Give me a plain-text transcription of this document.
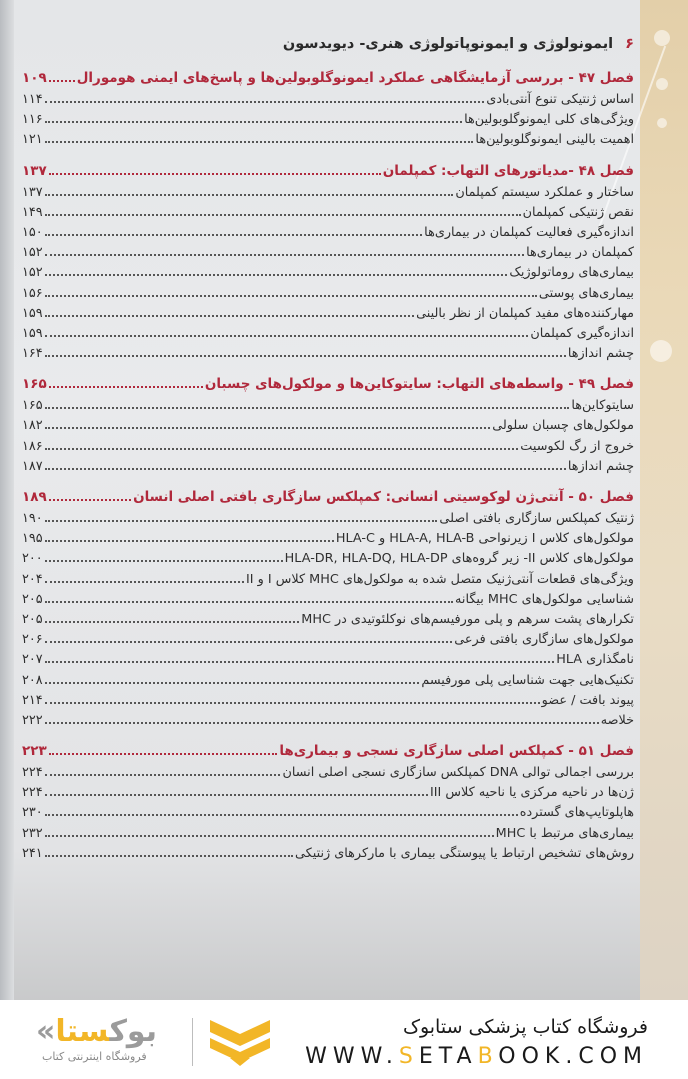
۶ایمونولوژی و ایمونوپاتولوژی هنری- دیویدسون
فصل ۴۷ - بررسی آزمایشگاهی عملکرد ایمونوگلوبولین‌ها و پاسخ‌های ایمنی هومورال
۱۰۹
اساس ژنتیکی تنوع آنتی‌بادی
۱۱۴
ویژگی‌های کلی ایمونوگلوبولین‌ها
۱۱۶
اهمیت بالینی ایمونوگلوبولین‌ها
۱۲۱
فصل ۴۸ -مدیاتورهای التهاب: کمپلمان
۱۳۷
ساختار و عملکرد سیستم کمپلمان
۱۳۷
نقص ژنتیکی کمپلمان
۱۴۹
اندازه‌گیری فعالیت کمپلمان در بیماری‌ها
۱۵۰
کمپلمان در بیماری‌ها
۱۵۲
بیماری‌های روماتولوژیک
۱۵۲
بیماری‌های پوستی
۱۵۶
مهارکننده‌های مفید کمپلمان از نظر بالینی
۱۵۹
اندازه‌گیری کمپلمان
۱۵۹
چشم اندازها
۱۶۴
فصل ۴۹ - واسطه‌های التهاب: سایتوکاین‌ها و مولکول‌های چسبان
۱۶۵
سایتوکاین‌ها
۱۶۵
مولکول‌های چسبان سلولی
۱۸۲
خروج از رگ لکوسیت
۱۸۶
چشم اندازها
۱۸۷
فصل ۵۰ - آنتی‌ژن لوکوسیتی انسانی: کمپلکس سازگاری بافتی اصلی انسان
۱۸۹
ژنتیک کمپلکس سازگاری بافتی اصلی
۱۹۰
مولکول‌های کلاس I زیرنواحی HLA-A, HLA-B و HLA-C
۱۹۵
مولکول‌های کلاس II- زیر گروه‌های HLA-DR, HLA-DQ, HLA-DP
۲۰۰
ویژگی‌های قطعات آنتی‌ژنیک متصل شده به مولکول‌های MHC کلاس I و II
۲۰۴
شناسایی مولکول‌های MHC بیگانه
۲۰۵
تکرارهای پشت سرهم و پلی مورفیسم‌های نوکلئوتیدی در MHC
۲۰۵
مولکول‌های سازگاری بافتی فرعی
۲۰۶
نامگذاری HLA
۲۰۷
تکنیک‌هایی جهت شناسایی پلی مورفیسم
۲۰۸
پیوند بافت / عضو
۲۱۴
خلاصه
۲۲۲
فصل ۵۱ - کمپلکس اصلی سازگاری نسجی و بیماری‌ها
۲۲۳
بررسی اجمالی توالی DNA کمپلکس سازگاری نسجی اصلی انسان
۲۲۴
ژن‌ها در ناحیه مرکزی یا ناحیه کلاس III
۲۲۴
هاپلوتایپ‌های گسترده
۲۳۰
بیماری‌های مرتبط با MHC
۲۳۲
روش‌های تشخیص ارتباط یا پیوستگی بیماری با مارکرهای ژنتیکی
۲۴۱
فروشگاه کتاب پزشکی ستابوک
WWW.SETABOOK.COM
« بوکستا
فروشگاه اینترنتی کتاب
